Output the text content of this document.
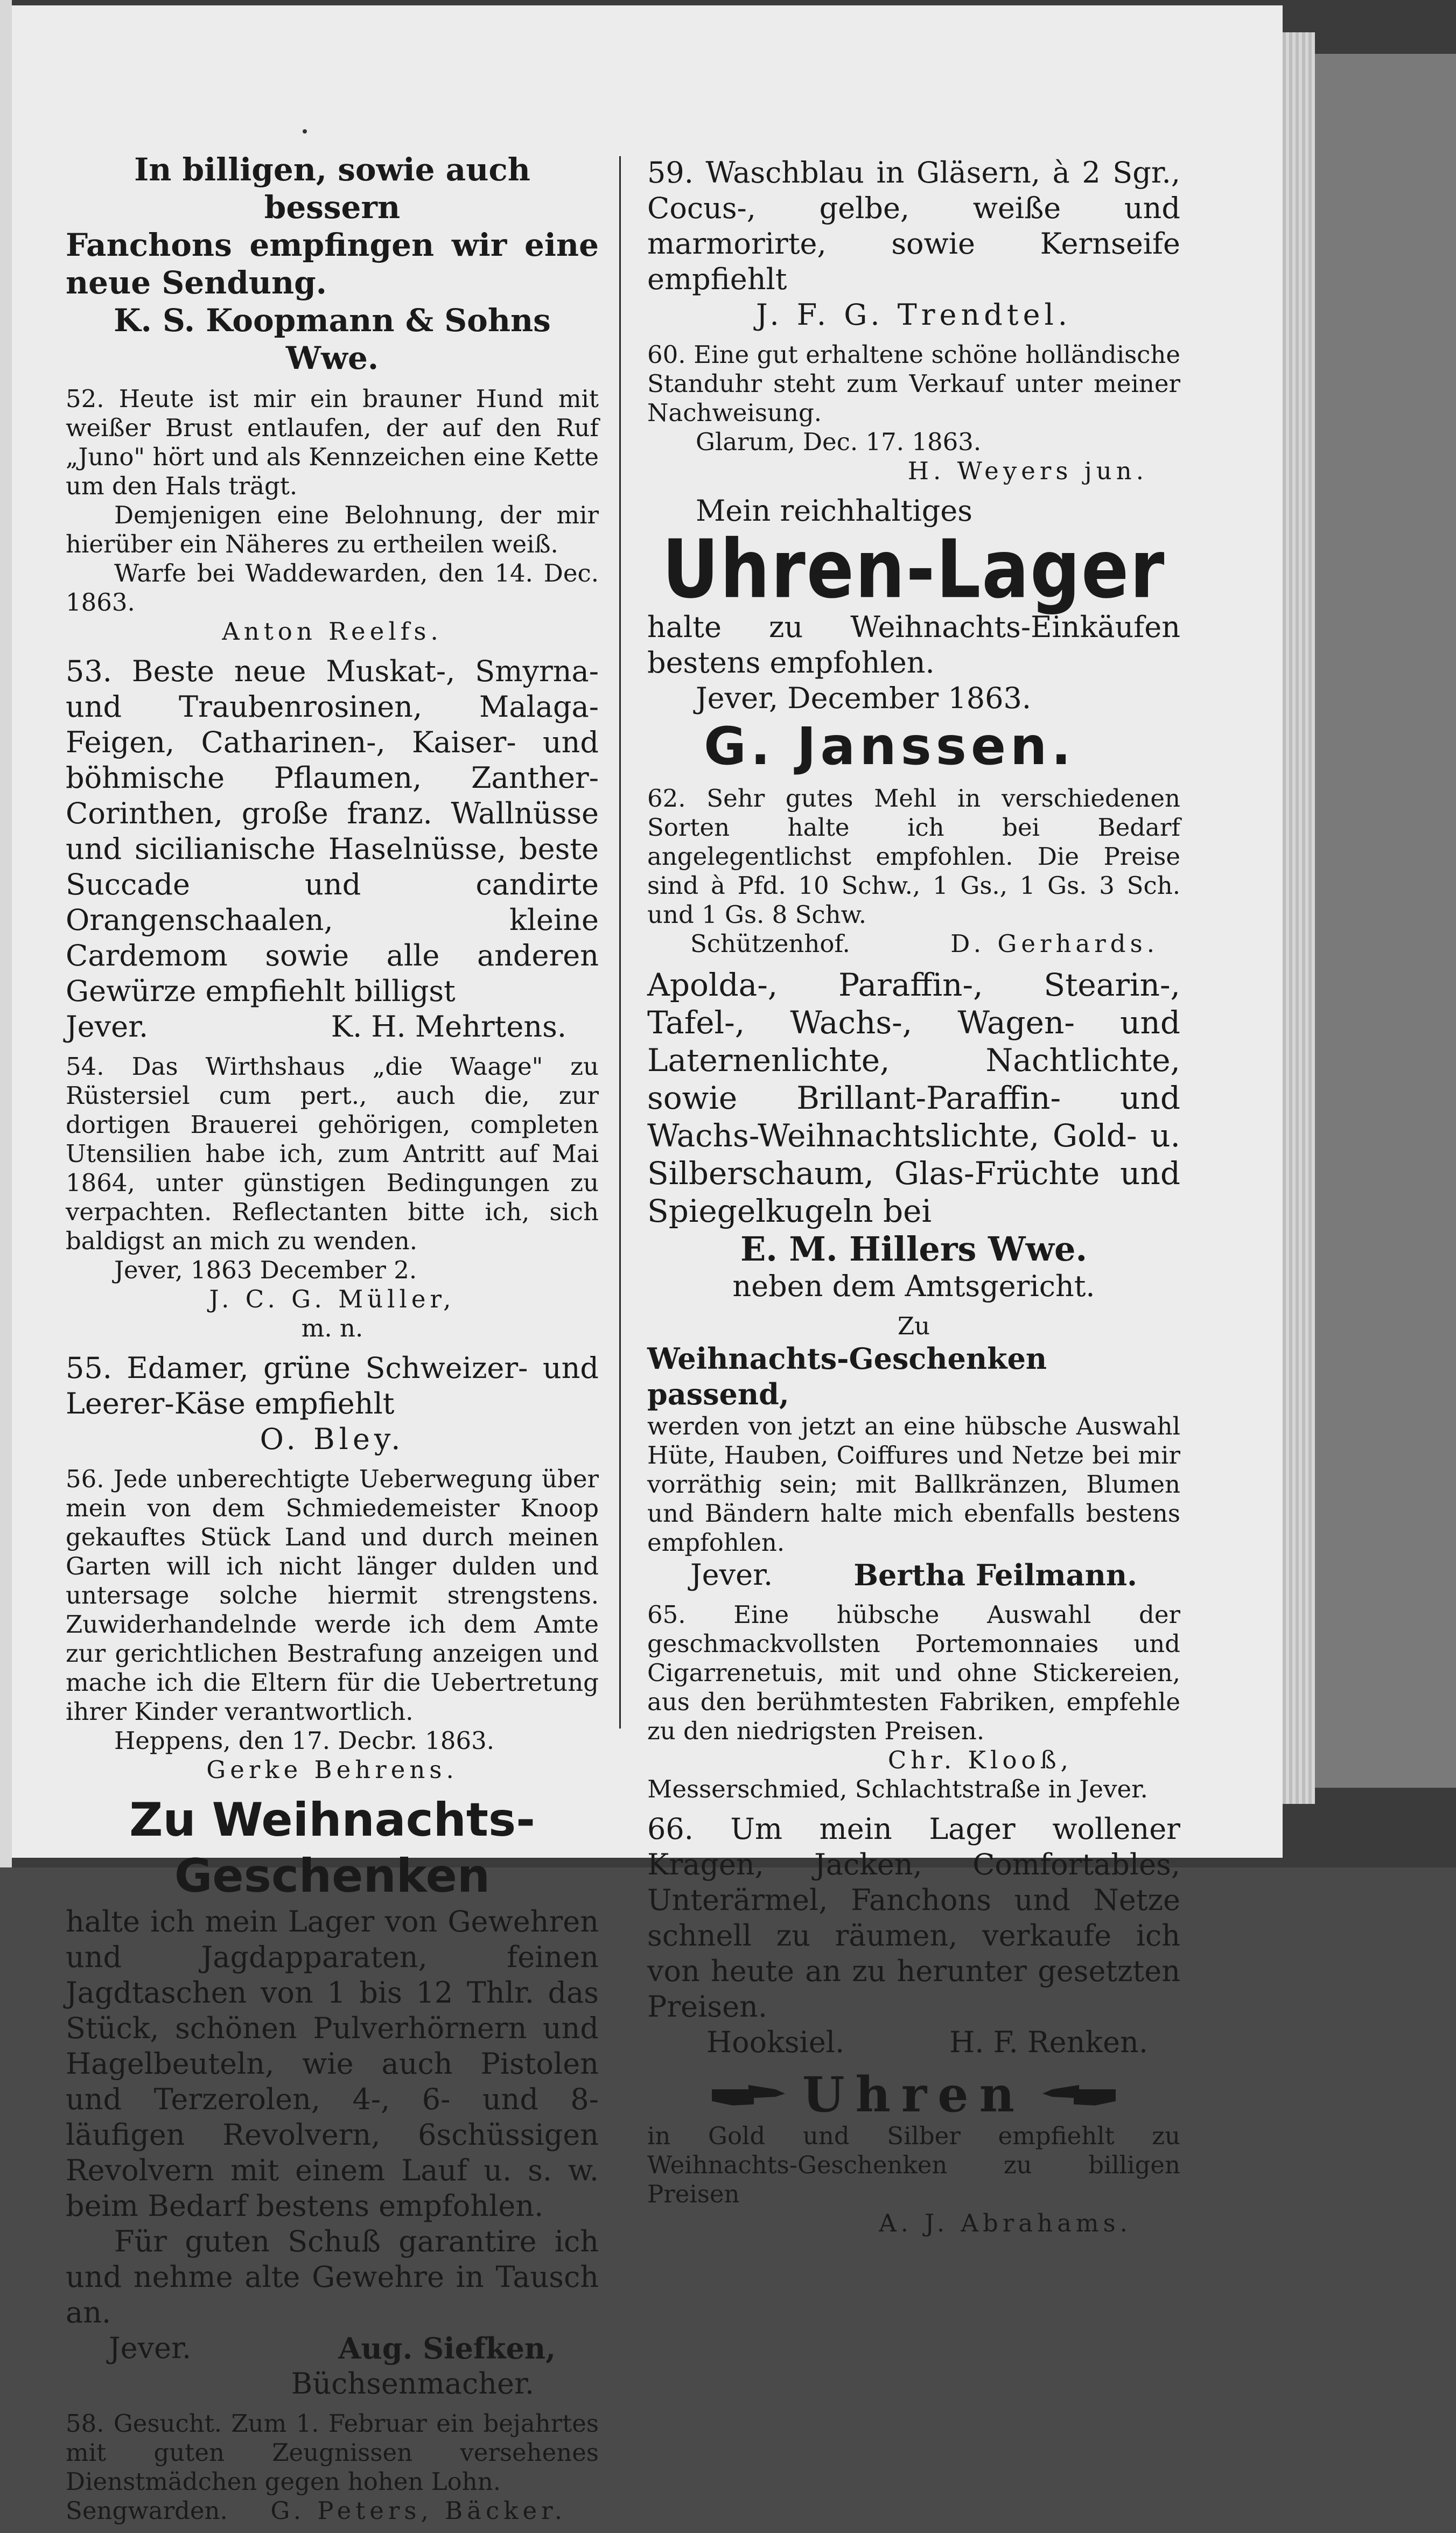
In billigen, sowie auch bessern
Fanchons empfingen wir eine neue Sendung.
K. S. Koopmann & Sohns Wwe.
52. Heute ist mir ein brauner Hund mit weißer Brust entlaufen, der auf den Ruf „Juno" hört und als Kennzeichen eine Kette um den Hals trägt.
Demjenigen eine Belohnung, der mir hierüber ein Näheres zu ertheilen weiß.
Warfe bei Waddewarden, den 14. Dec. 1863.
Anton Reelfs.
53. Beste neue Muskat-, Smyrna- und Traubenrosinen, Malaga-Feigen, Catharinen-, Kaiser- und böhmische Pflaumen, Zanther-Corinthen, große franz. Wallnüsse und sicilianische Haselnüsse, beste Succade und candirte Orangenschaalen, kleine Cardemom sowie alle anderen Gewürze empfiehlt billigst
Jever.	K. H. Mehrtens.
54. Das Wirthshaus „die Waage" zu Rüstersiel cum pert., auch die, zur dortigen Brauerei gehörigen, completen Utensilien habe ich, zum Antritt auf Mai 1864, unter günstigen Bedingungen zu verpachten. Reflectanten bitte ich, sich baldigst an mich zu wenden.
Jever, 1863 December 2.
J. C. G. Müller,
m. n.
55. Edamer, grüne Schweizer- und Leerer-Käse empfiehlt
O. Bley.
56. Jede unberechtigte Ueberwegung über mein von dem Schmiedemeister Knoop gekauftes Stück Land und durch meinen Garten will ich nicht länger dulden und untersage solche hiermit strengstens. Zuwiderhandelnde werde ich dem Amte zur gerichtlichen Bestrafung anzeigen und mache ich die Eltern für die Uebertretung ihrer Kinder verantwortlich.
Heppens, den 17. Decbr. 1863.
Gerke Behrens.
Zu Weihnachts-Geschenken
halte ich mein Lager von Gewehren und Jagdapparaten, feinen Jagdtaschen von 1 bis 12 Thlr. das Stück, schönen Pulverhörnern und Hagelbeuteln, wie auch Pistolen und Terzerolen, 4-, 6- und 8-läufigen Revolvern, 6schüssigen Revolvern mit einem Lauf u. s. w. beim Bedarf bestens empfohlen.
Für guten Schuß garantire ich und nehme alte Gewehre in Tausch an.
Jever.	Aug. Siefken,
Büchsenmacher.
58. Gesucht. Zum 1. Februar ein bejahrtes mit guten Zeugnissen versehenes Dienstmädchen gegen hohen Lohn.
Sengwarden. G. Peters, Bäcker.
59. Waschblau in Gläsern, à 2 Sgr., Cocus-, gelbe, weiße und marmorirte, sowie Kernseife empfiehlt
J. F. G. Trendtel.
60. Eine gut erhaltene schöne holländische Standuhr steht zum Verkauf unter meiner Nachweisung.
Glarum, Dec. 17. 1863.
H. Weyers jun.
Mein reichhaltiges
Uhren-Lager
halte zu Weihnachts-Einkäufen bestens empfohlen.
Jever, December 1863.
G. Janssen.
62. Sehr gutes Mehl in verschiedenen Sorten halte ich bei Bedarf angelegentlichst empfohlen. Die Preise sind à Pfd. 10 Schw., 1 Gs., 1 Gs. 3 Sch. und 1 Gs. 8 Schw.
Schützenhof.	D. Gerhards.
Apolda-, Paraffin-, Stearin-, Tafel-, Wachs-, Wagen- und Laternenlichte, Nachtlichte, sowie Brillant-Paraffin- und Wachs-Weihnachtslichte, Gold- u. Silberschaum, Glas-Früchte und Spiegelkugeln bei
E. M. Hillers Wwe.
neben dem Amtsgericht.
Zu
Weihnachts-Geschenken passend,
werden von jetzt an eine hübsche Auswahl Hüte, Hauben, Coiffures und Netze bei mir vorräthig sein; mit Ballkränzen, Blumen und Bändern halte mich ebenfalls bestens empfohlen.
Jever.	Bertha Feilmann.
65. Eine hübsche Auswahl der geschmackvollsten Portemonnaies und Cigarrenetuis, mit und ohne Stickereien, aus den berühmtesten Fabriken, empfehle zu den niedrigsten Preisen.
Chr. Klooß,
Messerschmied, Schlachtstraße in Jever.
66. Um mein Lager wollener Kragen, Jacken, Comfortables, Unterärmel, Fanchons und Netze schnell zu räumen, verkaufe ich von heute an zu herunter gesetzten Preisen.
Hooksiel.	H. F. Renken.
Uhren
in Gold und Silber empfiehlt zu Weihnachts-Geschenken zu billigen Preisen
A. J. Abrahams.
